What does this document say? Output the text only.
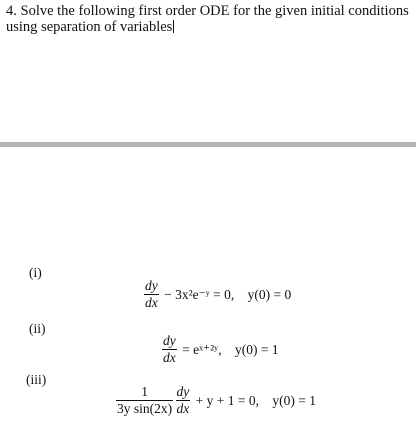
4. Solve the following first order ODE for the given initial conditions using separation of variables
(i)
$\frac{dy}{dx}$ − 3x²e⁻ʸ = 0, y(0) = 0
(ii)
$\frac{dy}{dx}$ = eˣ⁺²ʸ, y(0) = 1
(iii)
$\frac{1}{\text{3y sin(2x)}}$
$\frac{dy}{dx} + y + 1 = 0$, y(0) = 1
